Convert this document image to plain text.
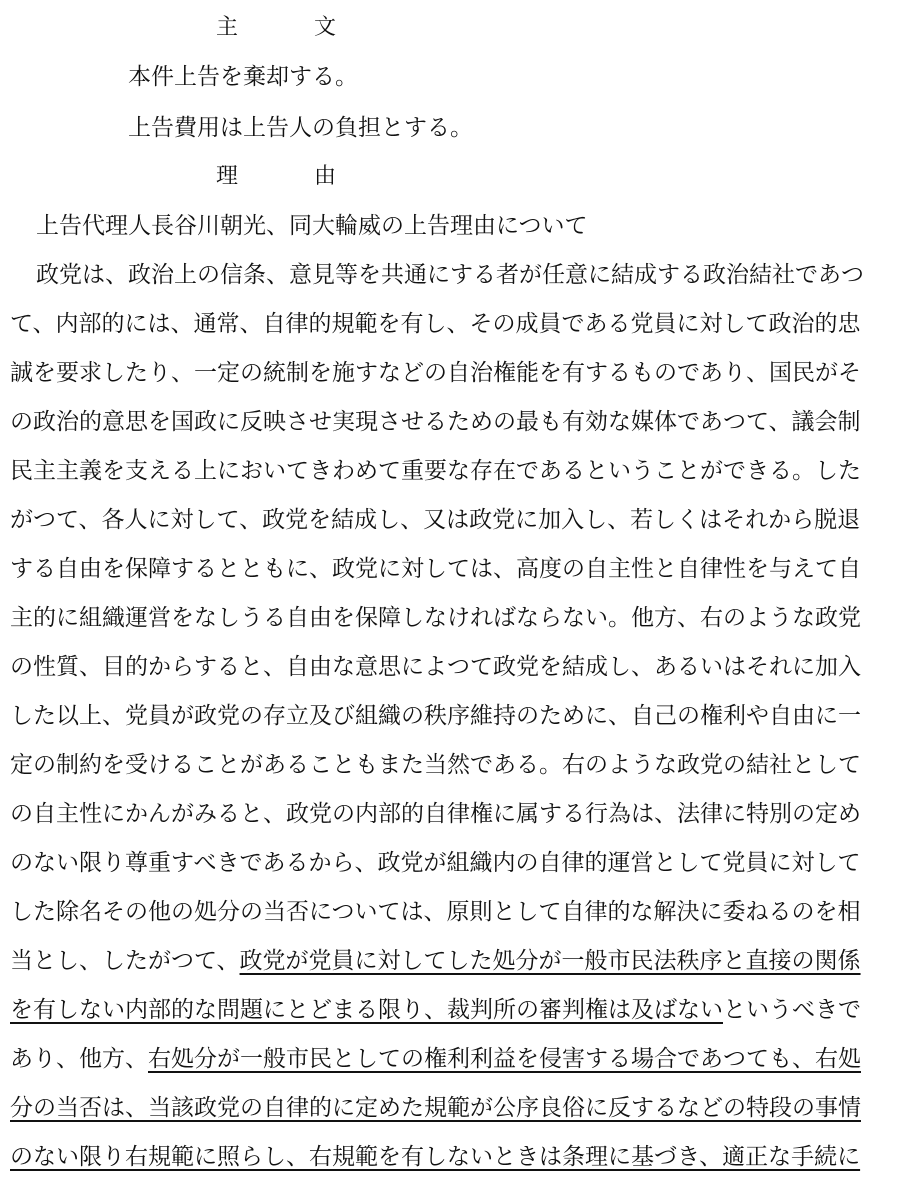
主	文
本件上告を棄却する。
上告費用は上告人の負担とする。
理	由
上告代理人長谷川朝光、同大輪威の上告理由について
政党は、政治上の信条、意見等を共通にする者が任意に結成する政治結社であつ
て、内部的には、通常、自律的規範を有し、その成員である党員に対して政治的忠
誠を要求したり、一定の統制を施すなどの自治権能を有するものであり、国民がそ
の政治的意思を国政に反映させ実現させるための最も有効な媒体であつて、議会制
民主主義を支える上においてきわめて重要な存在であるということができる。した
がつて、各人に対して、政党を結成し、又は政党に加入し、若しくはそれから脱退
する自由を保障するとともに、政党に対しては、高度の自主性と自律性を与えて自
主的に組織運営をなしうる自由を保障しなければならない。他方、右のような政党
の性質、目的からすると、自由な意思によつて政党を結成し、あるいはそれに加入
した以上、党員が政党の存立及び組織の秩序維持のために、自己の権利や自由に一
定の制約を受けることがあることもまた当然である。右のような政党の結社として
の自主性にかんがみると、政党の内部的自律権に属する行為は、法律に特別の定め
のない限り尊重すべきであるから、政党が組織内の自律的運営として党員に対して
した除名その他の処分の当否については、原則として自律的な解決に委ねるのを相
当とし、したがつて、政党が党員に対してした処分が一般市民法秩序と直接の関係
を有しない内部的な問題にとどまる限り、裁判所の審判権は及ばないというべきで
あり、他方、右処分が一般市民としての権利利益を侵害する場合であつても、右処
分の当否は、当該政党の自律的に定めた規範が公序良俗に反するなどの特段の事情
のない限り右規範に照らし、右規範を有しないときは条理に基づき、適正な手続に
